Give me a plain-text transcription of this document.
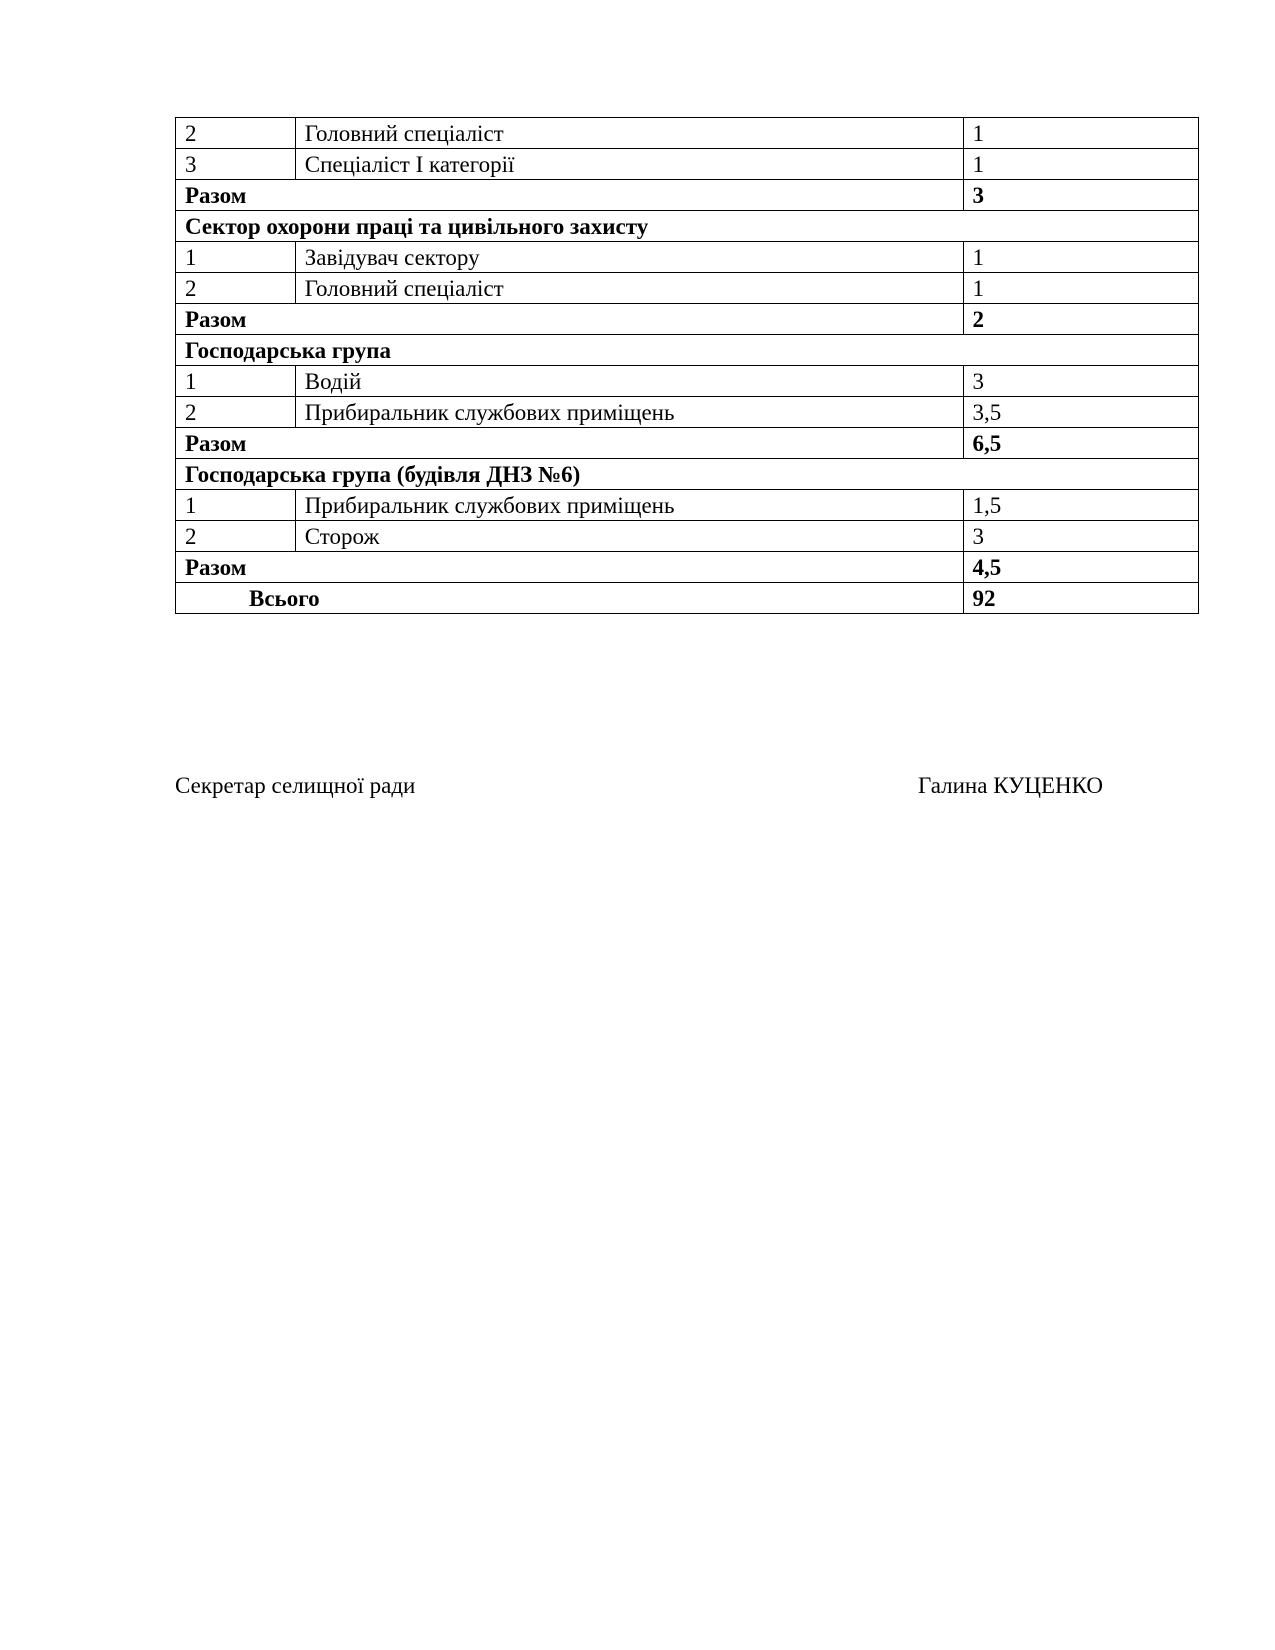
2	Головний спеціаліст	1
3	Спеціаліст І категорії	1
Разом		3
Сектор охорони праці та цивільного захисту		
1	Завідувач сектору	1
2	Головний спеціаліст	1
Разом		2
Господарська група		
1	Водій	3
2	Прибиральник службових приміщень	3,5
Разом		6,5
Господарська група (будівля ДНЗ №6)		
1	Прибиральник службових приміщень	1,5
2	Сторож	3
Разом		4,5
Всього		92
Секретар селищної ради	Галина КУЦЕНКО
